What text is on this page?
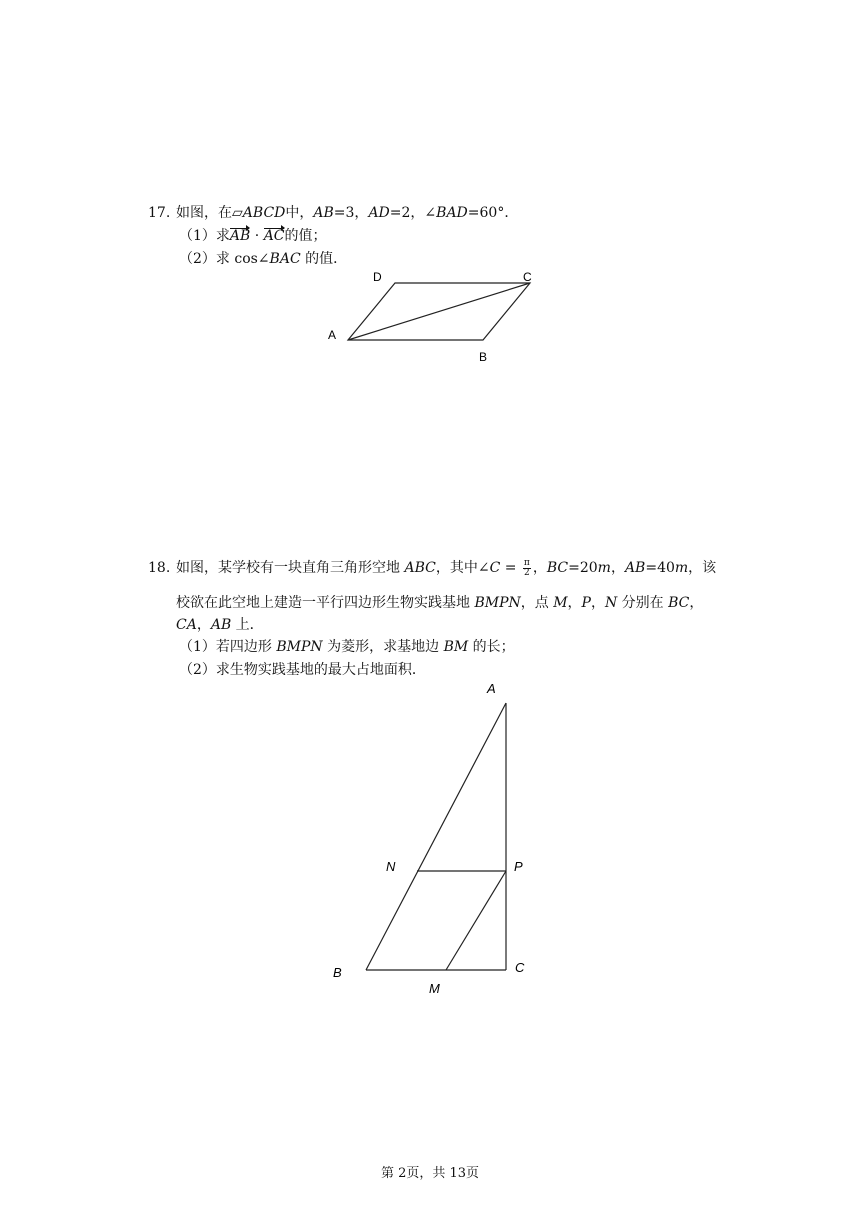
17. 如图，在▱ABCD中，AB=3，AD=2，∠BAD=60°．
（1）求AB · AC的值；
（2）求 cos∠BAC 的值．
D	C
A
B
A
N	P
B	C
M
18. 如图，某学校有一块直角三角形空地 ABC，其中∠C = $\frac{\pi}{2}$ ，BC=20m，AB=40m，该
校欲在此空地上建造一平行四边形生物实践基地 BMPN，点 M，P，N 分别在 BC，
CA，AB 上．
（1）若四边形 BMPN 为菱形，求基地边 BM 的长；
（2）求生物实践基地的最大占地面积．
第 2页，共 13页
